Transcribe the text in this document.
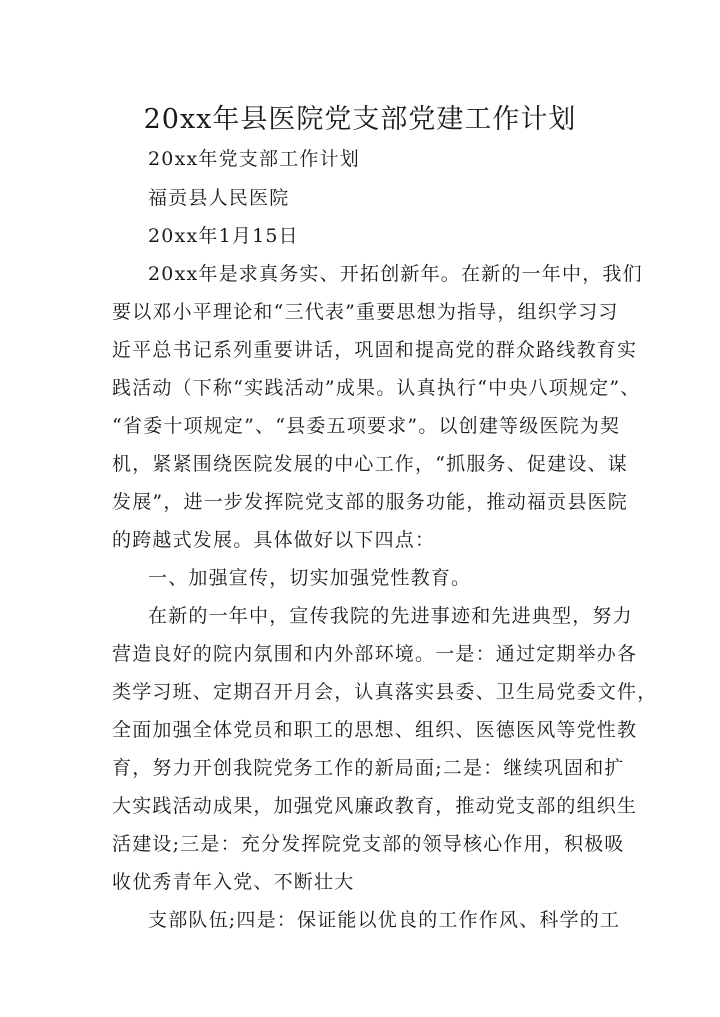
20xx年县医院党支部党建工作计划
20xx年党支部工作计划
福贡县人民医院
20xx年1月15日
20xx年是求真务实、开拓创新年。在新的一年中，我们
要以邓小平理论和“三代表”重要思想为指导，组织学习习
近平总书记系列重要讲话，巩固和提高党的群众路线教育实
践活动（下称“实践活动”成果。认真执行“中央八项规定”、
“省委十项规定”、“县委五项要求”。以创建等级医院为契
机，紧紧围绕医院发展的中心工作，“抓服务、促建设、谋
发展”，进一步发挥院党支部的服务功能，推动福贡县医院
的跨越式发展。具体做好以下四点：
一、加强宣传，切实加强党性教育。
在新的一年中，宣传我院的先进事迹和先进典型，努力
营造良好的院内氛围和内外部环境。一是：通过定期举办各
类学习班、定期召开月会，认真落实县委、卫生局党委文件，
全面加强全体党员和职工的思想、组织、医德医风等党性教
育，努力开创我院党务工作的新局面;二是：继续巩固和扩
大实践活动成果，加强党风廉政教育，推动党支部的组织生
活建设;三是：充分发挥院党支部的领导核心作用，积极吸
收优秀青年入党、不断壮大
支部队伍;四是：保证能以优良的工作作风、科学的工
